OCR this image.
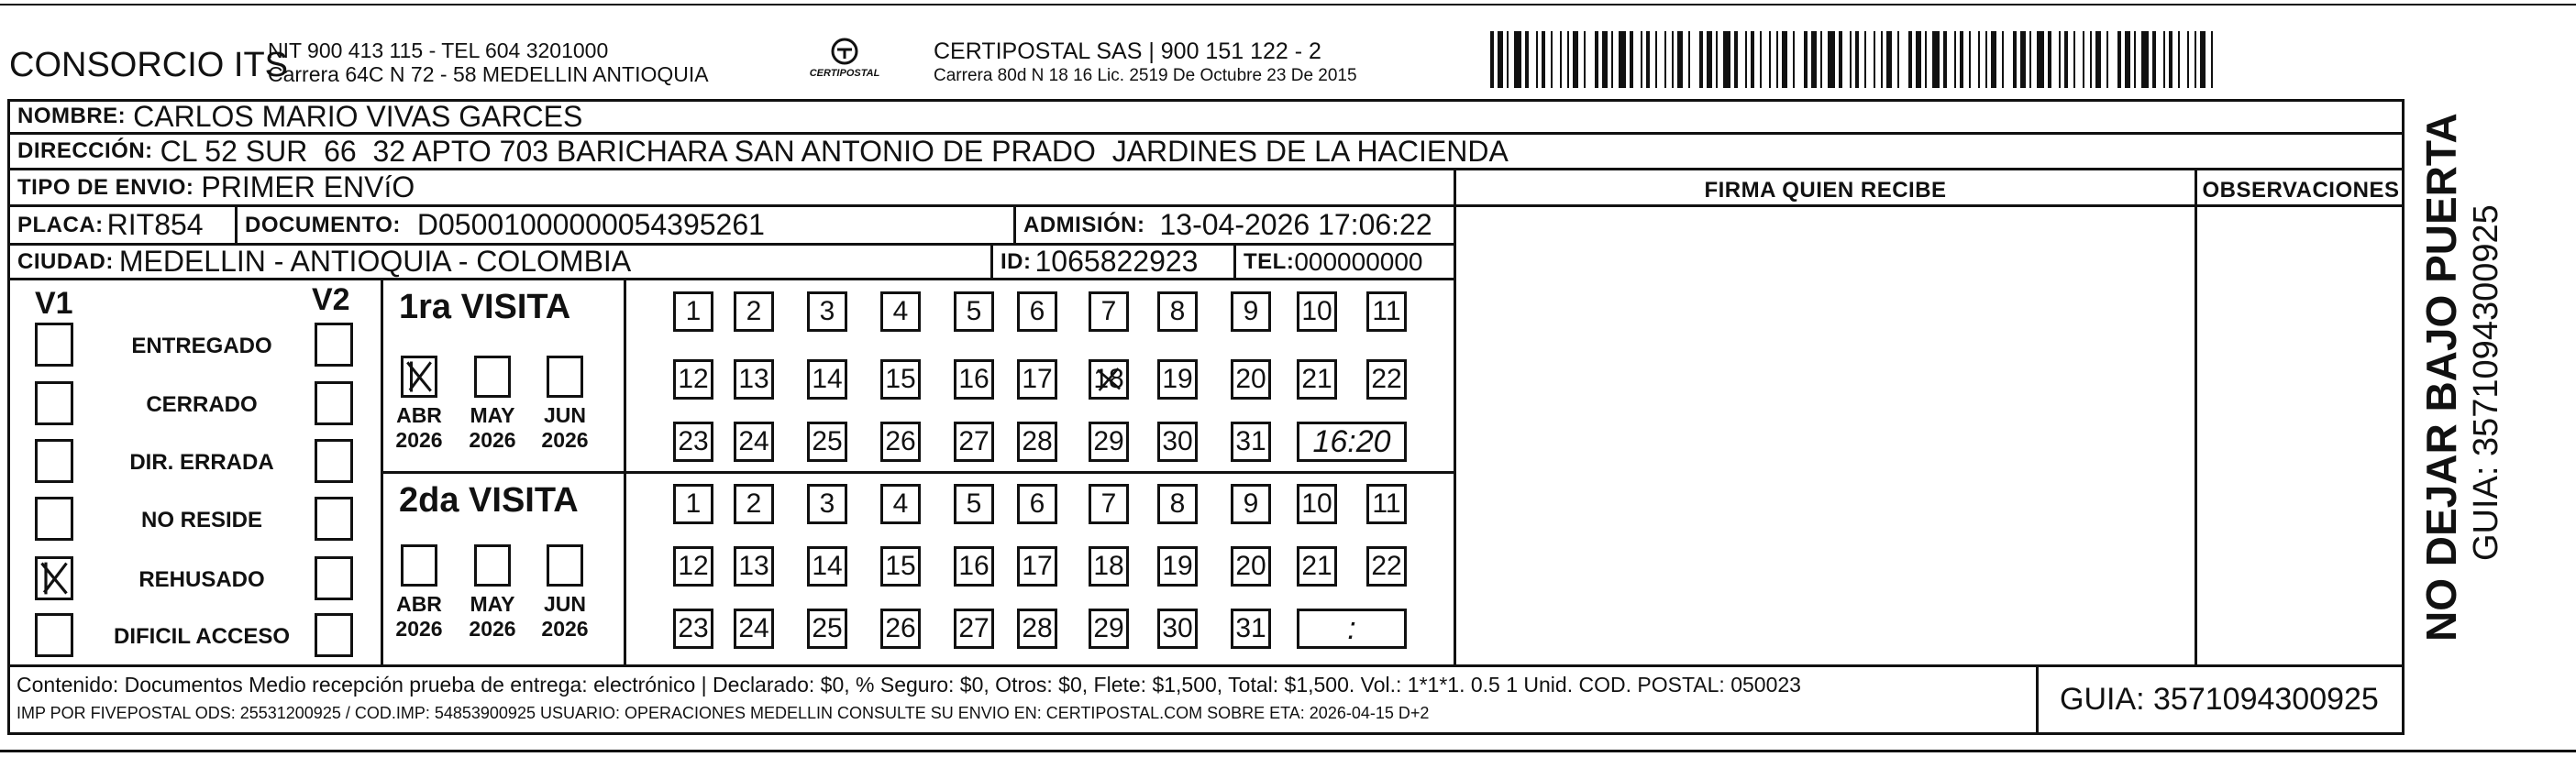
CONSORCIO ITS
NIT 900 413 115 - TEL 604 3201000
Carrera 64C N 72 - 58 MEDELLIN ANTIOQUIA	CERTIPOSTAL
CERTIPOSTAL SAS | 900 151 122 - 2
Carrera 80d N 18 16 Lic. 2519 De Octubre 23 De 2015
NOMBRE: CARLOS MARIO VIVAS GARCES
DIRECCIÓN: CL 52 SUR  66  32 APTO 703 BARICHARA SAN ANTONIO DE PRADO  JARDINES DE LA HACIENDA
TIPO DE ENVIO: PRIMER ENVíO
PLACA: RIT854 DOCUMENTO: D05001000000054395261	ADMISIÓN: 13-04-2026 17:06:22
CIUDAD: MEDELLIN - ANTIOQUIA - COLOMBIA	ID: 1065822923 TEL: 000000000
FIRMA QUIEN RECIBE	OBSERVACIONES
V1	V2
ENTREGADO
CERRADO
DIR. ERRADA
NO RESIDE
REHUSADO
DIFICIL ACCESO
1ra VISITA
2da VISITA
ABR
2026
MAY
2026
JUN
2026
ABR
2026
MAY
2026
JUN
2026
1	2	3	4	5	6	7	8	9	10 11
12 13 14 15 16 17 18 19 20 21 22
23 24 25 26 27 28 29 30 31	16:20
1	2	3	4	5	6	7	8	9	10 11
12 13 14 15 16 17 18 19 20 21 22
23 24 25 26 27 28 29 30 31	:	NO DEJAR BAJO PUERTA GUIA: 3571094300925
Contenido: Documentos Medio recepción prueba de entrega: electrónico | Declarado: $0, % Seguro: $0, Otros: $0, Flete: $1,500, Total: $1,500. Vol.: 1*1*1. 0.5 1 Unid. COD. POSTAL: 050023
IMP POR FIVEPOSTAL ODS: 25531200925 / COD.IMP: 54853900925 USUARIO: OPERACIONES MEDELLIN CONSULTE SU ENVIO EN: CERTIPOSTAL.COM SOBRE ETA: 2026-04-15 D+2	GUIA: 3571094300925
